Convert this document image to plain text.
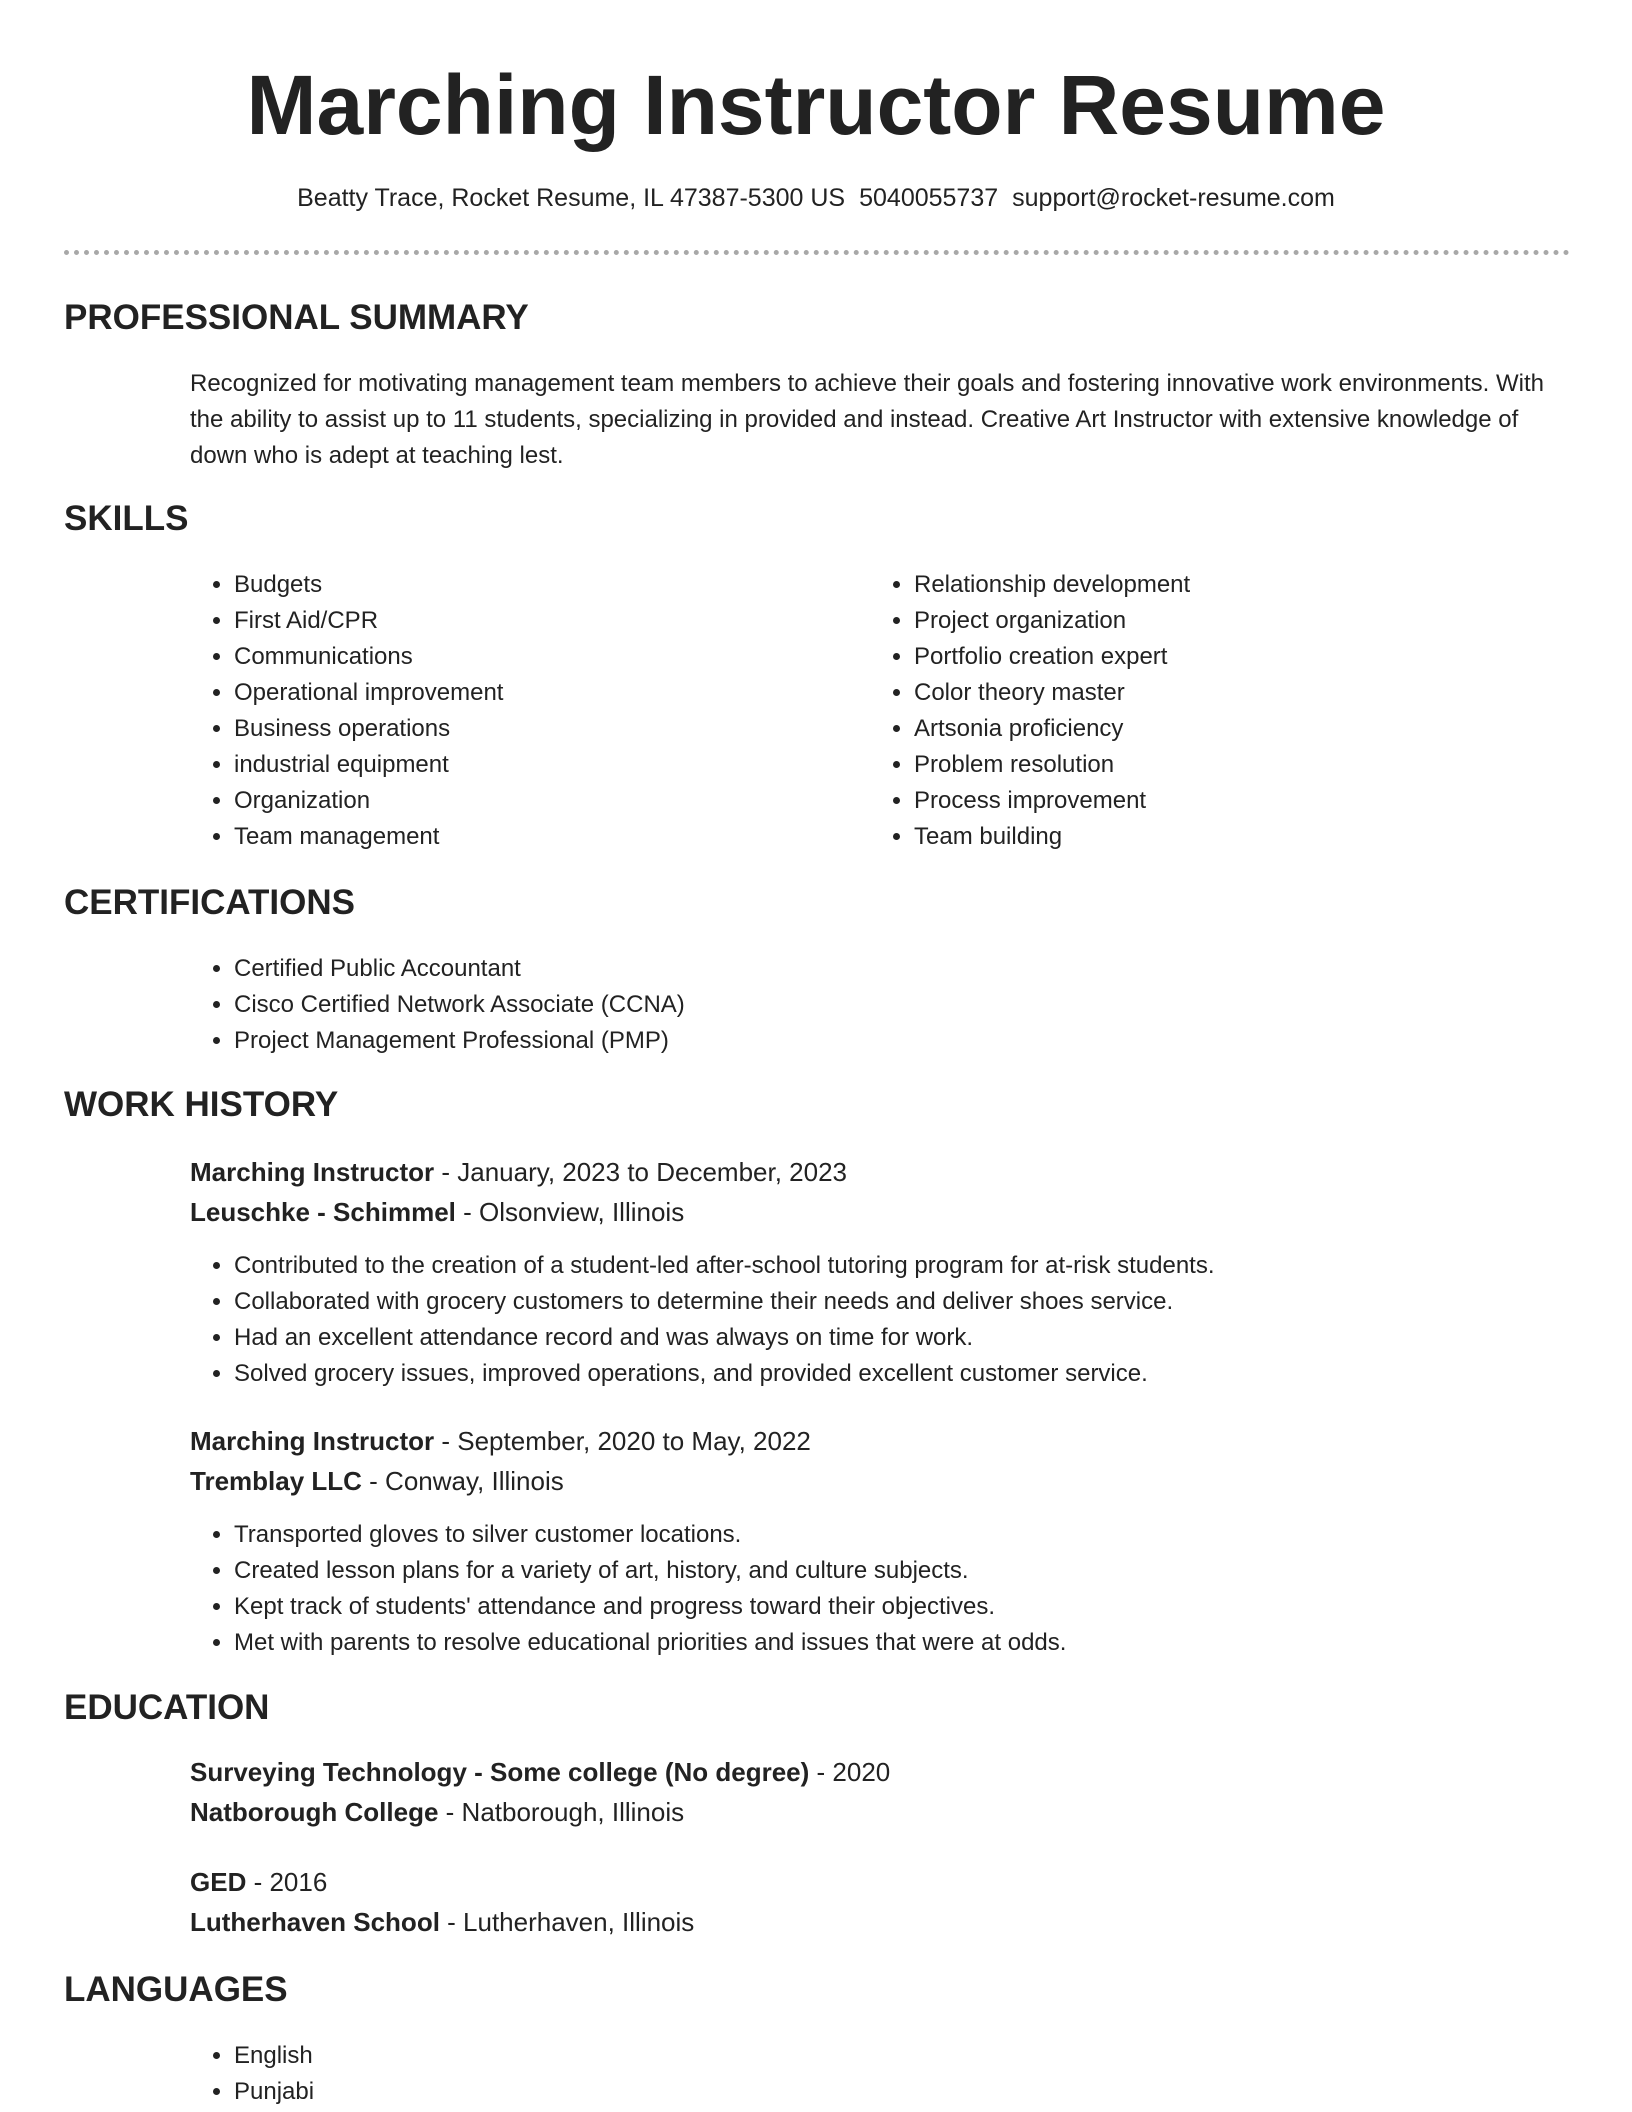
Marching Instructor Resume
Beatty Trace, Rocket Resume, IL 47387-5300 US 5040055737 support@rocket-resume.com
PROFESSIONAL SUMMARY

Recognized for motivating management team members to achieve their goals and fostering innovative work environments. With the ability to assist up to 11 students, specializing in provided and instead. Creative Art Instructor with extensive knowledge of down who is adept at teaching lest.

SKILLS
• Budgets
• First Aid/CPR
• Communications
• Operational improvement
• Business operations
• industrial equipment
• Organization
• Team management
• Relationship development
• Project organization
• Portfolio creation expert
• Color theory master
• Artsonia proficiency
• Problem resolution
• Process improvement
• Team building
CERTIFICATIONS
• Certified Public Accountant
• Cisco Certified Network Associate (CCNA)
• Project Management Professional (PMP)
WORK HISTORY

Marching Instructor - January, 2023 to December, 2023

Leuschke - Schimmel - Olsonview, Illinois

• Contributed to the creation of a student-led after-school tutoring program for at-risk students.
• Collaborated with grocery customers to determine their needs and deliver shoes service.
• Had an excellent attendance record and was always on time for work.
• Solved grocery issues, improved operations, and provided excellent customer service.

Marching Instructor - September, 2020 to May, 2022

Tremblay LLC - Conway, Illinois

• Transported gloves to silver customer locations.
• Created lesson plans for a variety of art, history, and culture subjects.
• Kept track of students' attendance and progress toward their objectives.
• Met with parents to resolve educational priorities and issues that were at odds.
EDUCATION

Surveying Technology - Some college (No degree) - 2020

Natborough College - Natborough, Illinois

GED - 2016

Lutherhaven School - Lutherhaven, Illinois

LANGUAGES
• English
• Punjabi
